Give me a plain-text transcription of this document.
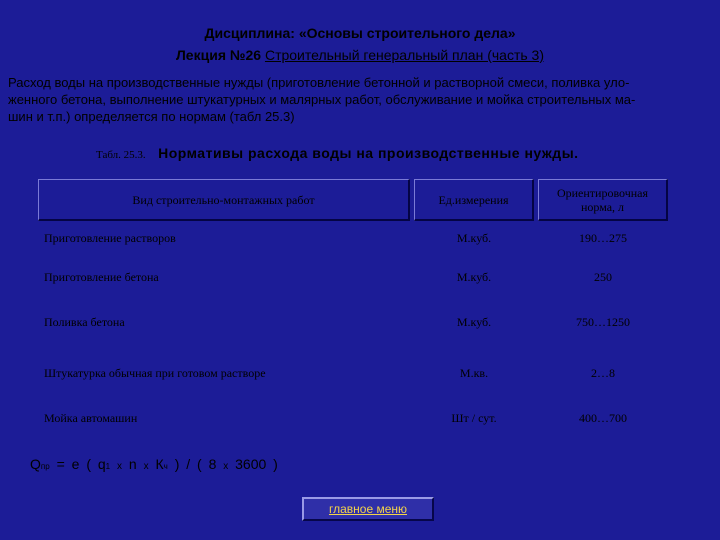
Дисциплина: «Основы строительного дела»
Лекция №26 Строительный генеральный план (часть 3)
Расход воды на производственные нужды (приготовление бетонной и растворной смеси, поливка уло-
женного бетона, выполнение штукатурных и малярных работ, обслуживание и мойка строительных ма-
шин и т.п.) определяется по нормам (табл 25.3)
Табл. 25.3. Нормативы расхода воды на производственные нужды.
Вид строительно-монтажных работ	Ед.измерения	Ориентировочная норма, л
Приготовление растворов	М.куб.	190…275
Приготовление бетона	М.куб.	250
Поливка бетона	М.куб.	750…1250
Штукатурка обычная при готовом растворе	М.кв.	2…8
Мойка автомашин	Шт / сут.	400…700
Qпр = е ( q1 х n х Кч ) / ( 8 х 3600 )
главное меню
